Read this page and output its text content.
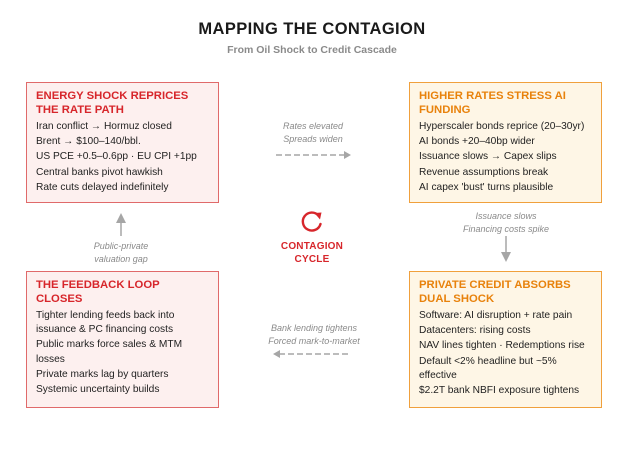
MAPPING THE CONTAGION
From Oil Shock to Credit Cascade
ENERGY SHOCK REPRICES
THE RATE PATH
Iran conflict → Hormuz closed
Brent → $100–140/bbl.
US PCE +0.5–0.6pp · EU CPI +1pp
Central banks pivot hawkish
Rate cuts delayed indefinitely
HIGHER RATES STRESS AI
FUNDING
Hyperscaler bonds reprice (20–30yr)
AI bonds +20–40bp wider
Issuance slows → Capex slips
Revenue assumptions break
AI capex 'bust' turns plausible
THE FEEDBACK LOOP CLOSES
Tighter lending feeds back into issuance & PC financing costs
Public marks force sales & MTM losses
Private marks lag by quarters
Systemic uncertainty builds
PRIVATE CREDIT ABSORBS
DUAL SHOCK
Software: AI disruption + rate pain
Datacenters: rising costs
NAV lines tighten · Redemptions rise
Default <2% headline but ~5% effective
$2.2T bank NBFI exposure tightens
Rates elevated
Spreads widen
Issuance slows
Financing costs spike
Bank lending tightens
Forced mark-to-market
Public-private
valuation gap
CONTAGION
CYCLE
